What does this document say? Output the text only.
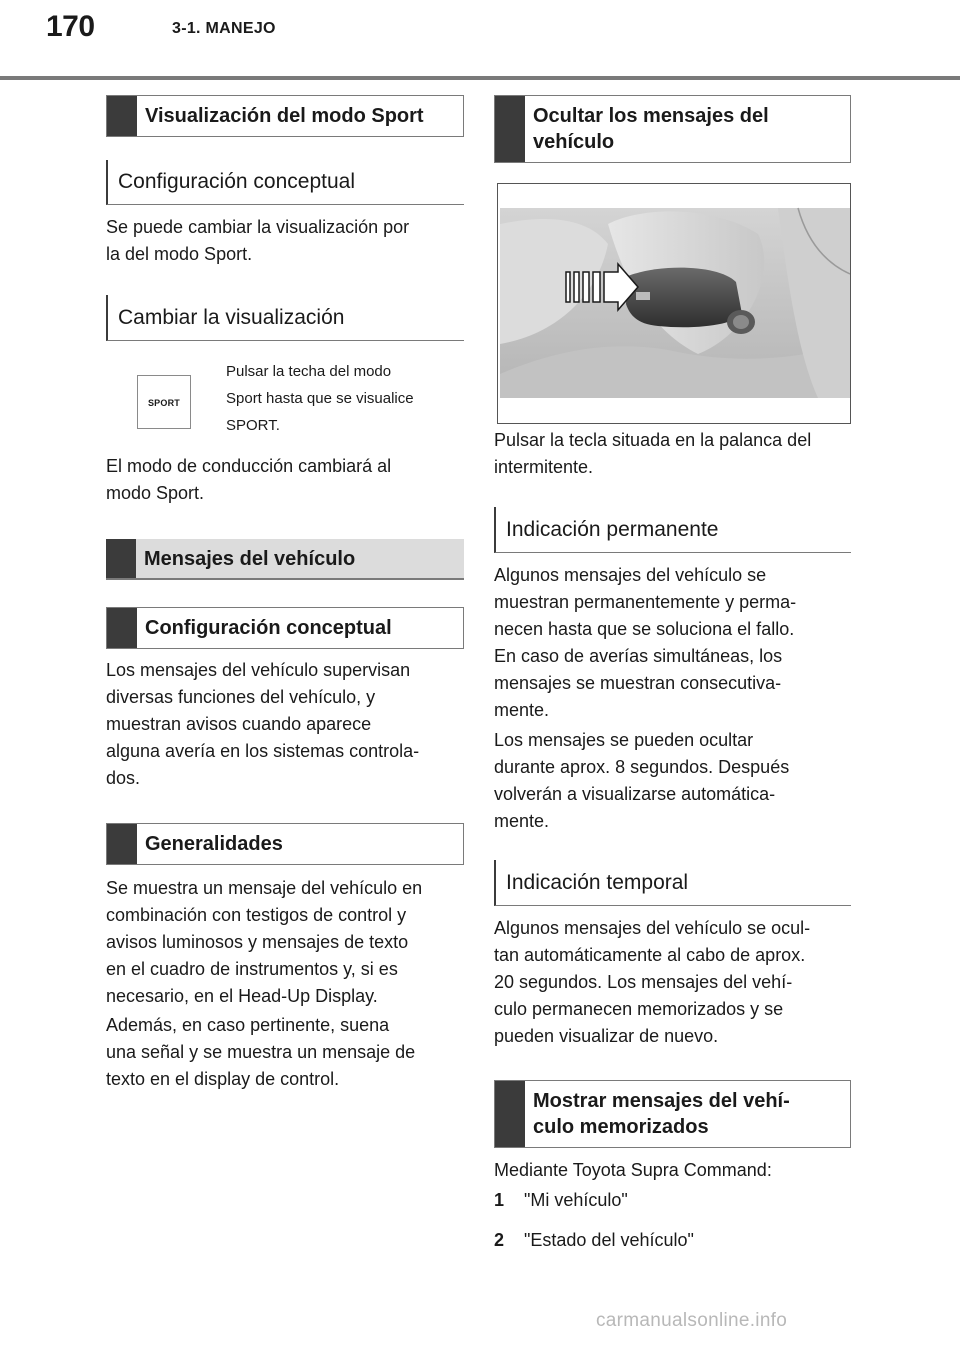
170	3-1. MANEJO
Visualización del modo Sport
Configuración conceptual
Se puede cambiar la visualización por
la del modo Sport.
Cambiar la visualización
SPORT
Pulsar la techa del modo
Sport hasta que se visualice
SPORT.
El modo de conducción cambiará al
modo Sport.
Mensajes del vehículo
Configuración conceptual
Los mensajes del vehículo supervisan
diversas funciones del vehículo, y
muestran avisos cuando aparece
alguna avería en los sistemas controla-
dos.
Generalidades
Se muestra un mensaje del vehículo en
combinación con testigos de control y
avisos luminosos y mensajes de texto
en el cuadro de instrumentos y, si es
necesario, en el Head-Up Display.
Además, en caso pertinente, suena
una señal y se muestra un mensaje de
texto en el display de control.
Ocultar los mensajes del
vehículo
Pulsar la tecla situada en la palanca del
intermitente.
Indicación permanente
Algunos mensajes del vehículo se
muestran permanentemente y perma-
necen hasta que se soluciona el fallo.
En caso de averías simultáneas, los
mensajes se muestran consecutiva-
mente.
Los mensajes se pueden ocultar
durante aprox. 8 segundos. Después
volverán a visualizarse automática-
mente.
Indicación temporal
Algunos mensajes del vehículo se ocul-
tan automáticamente al cabo de aprox.
20 segundos. Los mensajes del vehí-
culo permanecen memorizados y se
pueden visualizar de nuevo.
Mostrar mensajes del vehí-
culo memorizados
Mediante Toyota Supra Command:
1 "Mi vehículo"
2 "Estado del vehículo"
carmanualsonline.info
